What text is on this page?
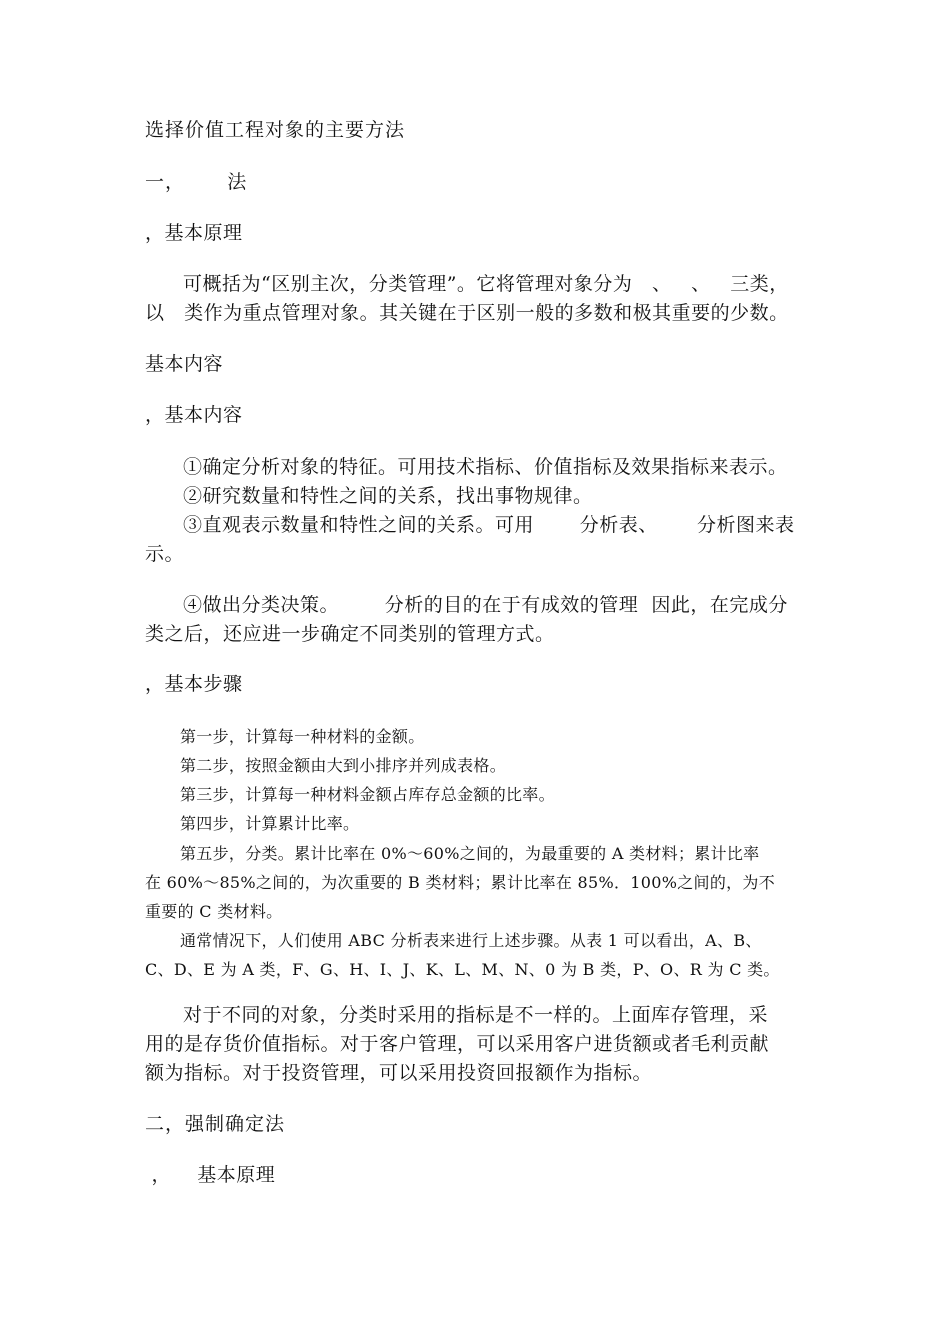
选择价值工程对象的主要方法
一，      法
，基本原理
可概括为“区别主次，分类管理”。它将管理对象分为   、   、   三类，
以   类作为重点管理对象。其关键在于区别一般的多数和极其重要的少数。
基本内容
，基本内容
①确定分析对象的特征。可用技术指标、价值指标及效果指标来表示。
②研究数量和特性之间的关系，找出事物规律。
③直观表示数量和特性之间的关系。可用       分析表、      分析图来表
示。
④做出分类决策。       分析的目的在于有成效的管理  因此，在完成分
类之后，还应进一步确定不同类别的管理方式。
，基本步骤
第一步，计算每一种材料的金额。
第二步，按照金额由大到小排序并列成表格。
第三步，计算每一种材料金额占库存总金额的比率。
第四步，计算累计比率。
第五步，分类。累计比率在 0%～60%之间的，为最重要的 A 类材料；累计比率
在 60%～85%之间的，为次重要的 B 类材料；累计比率在 85%．100%之间的，为不
重要的 C 类材料。
通常情况下，人们使用 ABC 分析表来进行上述步骤。从表 1 可以看出，A、B、
C、D、E 为 A 类，F、G、H、I、J、K、L、M、N、0 为 B 类，P、O、R 为 C 类。
对于不同的对象，分类时采用的指标是不一样的。上面库存管理，采
用的是存货价值指标。对于客户管理，可以采用客户进货额或者毛利贡献
额为指标。对于投资管理，可以采用投资回报额作为指标。
二，强制确定法
，    基本原理
